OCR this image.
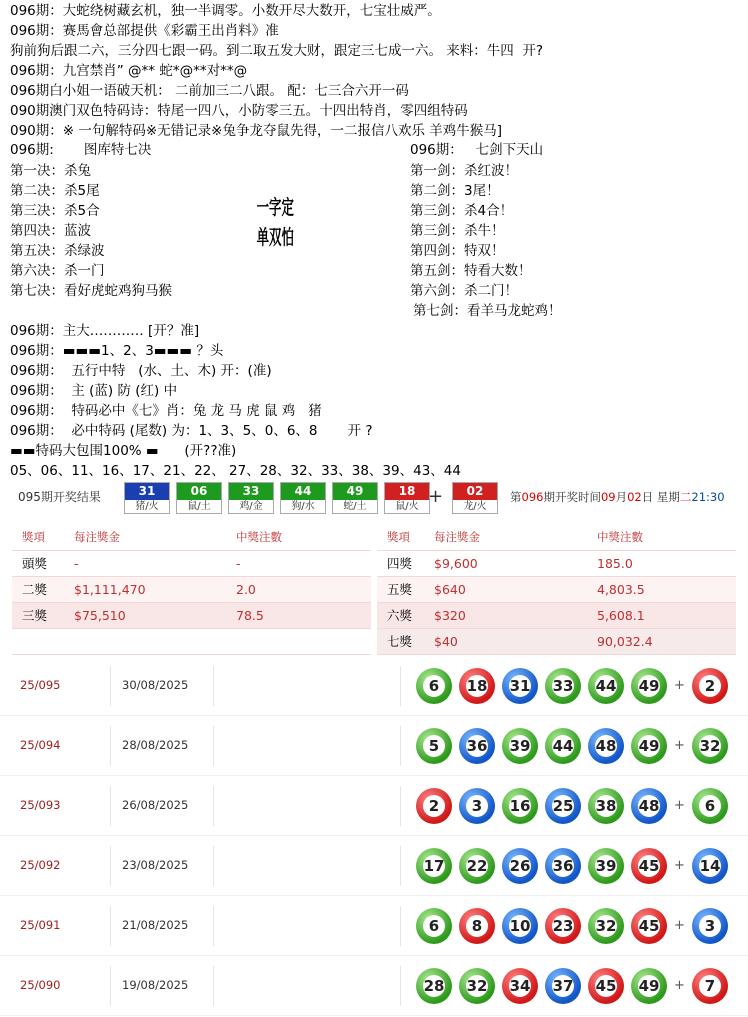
096期：大蛇绕树藏玄机，独一半调零。小数开尽大数开，七宝壮威严。
096期：赛馬會总部提供《彩霸王出肖料》准
狗前狗后跟二六，三分四七跟一码。到二取五发大财，跟定三七成一六。 来料：牛四  开?
096期：九宫禁肖” @** 蛇*@**对**@
096期白小姐一语破天机： 二前加三二八跟。 配：七三合六开一码
090期澳门双色特码诗：特尾一四八，小防零三五。十四出特肖，零四组特码
090期：※ 一句解特码※无错记录※兔争龙夺鼠先得，一二报信八欢乐 羊鸡牛猴马]
096期:       图库特七决
第一决：杀兔
第二决：杀5尾
第三决：杀5合
第四决：蓝波
第五决：杀绿波
第六决：杀一门
第七决：看好虎蛇鸡狗马猴
一字定单双怕
096期：   七剑下天山
第一剑：杀红波！
第二剑：3尾！
第三剑：杀4合！
第三剑：杀牛！
第四剑：特双！
第五剑：特看大数！
第六剑：杀二门！
第七剑：看羊马龙蛇鸡！
096期：主大………… [开？准]
096期：▬▬▬1、2、3▬▬▬ ？头
096期：  五行中特   (水、土、木) 开：(准)
096期：  主 (蓝) 防 (红) 中
096期：  特码必中《七》肖：兔 龙 马 虎 鼠 鸡   猪
096期：  必中特码 (尾数) 为：1、3、5、0、6、8       开 ?
▬▬特码大包围100% ▬      (开??准)
05、06、11、16、17、21、22、 27、28、32、33、38、39、43、44
095期开奖结果	31
猪/火
06
鼠/土
33
鸡/金
44
狗/水
49
蛇/土
18
鼠/火
02
龙/火
+	第096期开奖时间09月02日 星期二21:30
獎項	每注獎金	中獎注數	獎項	每注獎金	中獎注數
頭獎	-	-	四獎	$9,600	185.0
二獎	$1,111,470	2.0	五獎	$640	4,803.5
三獎	$75,510	78.5	六獎	$320	5,608.1
			七獎	$40	90,032.4
25/095	30/08/2025	6	18	31	33	44	49	+	2
25/094	28/08/2025	5	36	39	44	48	49	+ 32
25/093	26/08/2025	2	3	16	25	38	48	+	6
25/092	23/08/2025	17	22	26	36	39	45	+ 14
25/091	21/08/2025	6	8	10	23	32	45	+	3
25/090	19/08/2025	28	32	34	37	45	49	+	7
